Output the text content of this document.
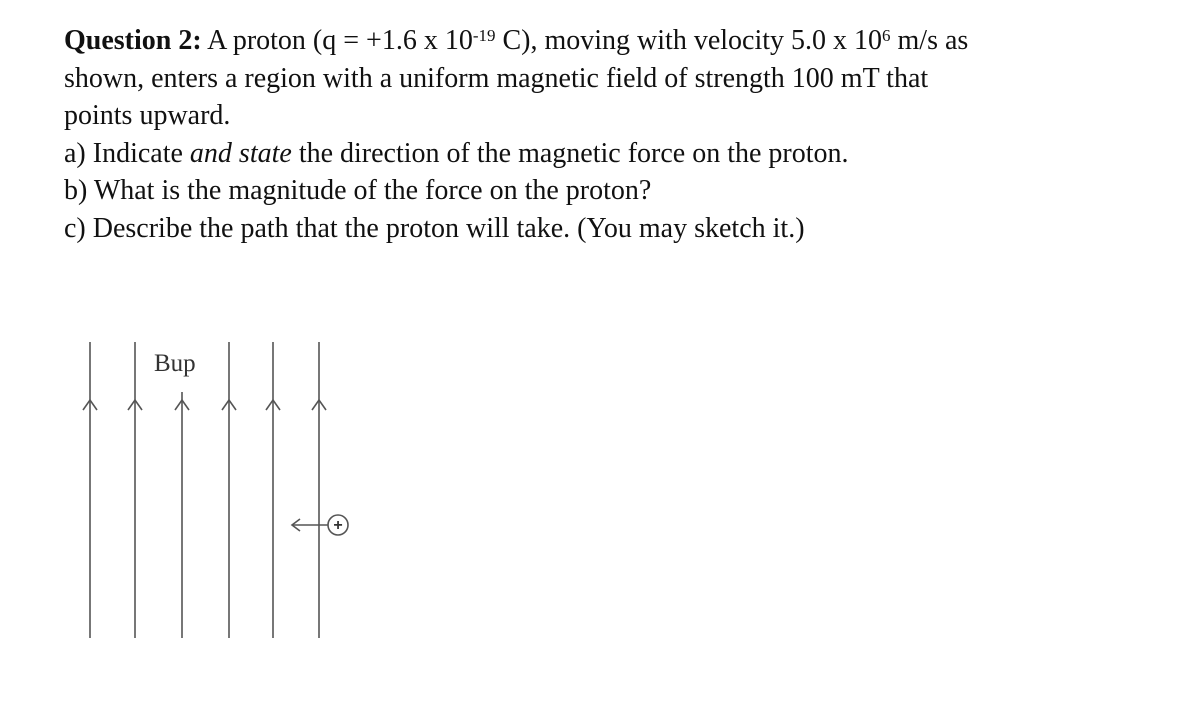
Question 2: A proton (q = +1.6 x $10^{-19}$ C), moving with velocity 5.0 x $10^6$ m/s as
shown, enters a region with a uniform magnetic field of strength 100 mT that
points upward.
a) Indicate and state the direction of the magnetic force on the proton.
b) What is the magnitude of the force on the proton?
c) Describe the path that the proton will take. (You may sketch it.)
+
Bup
